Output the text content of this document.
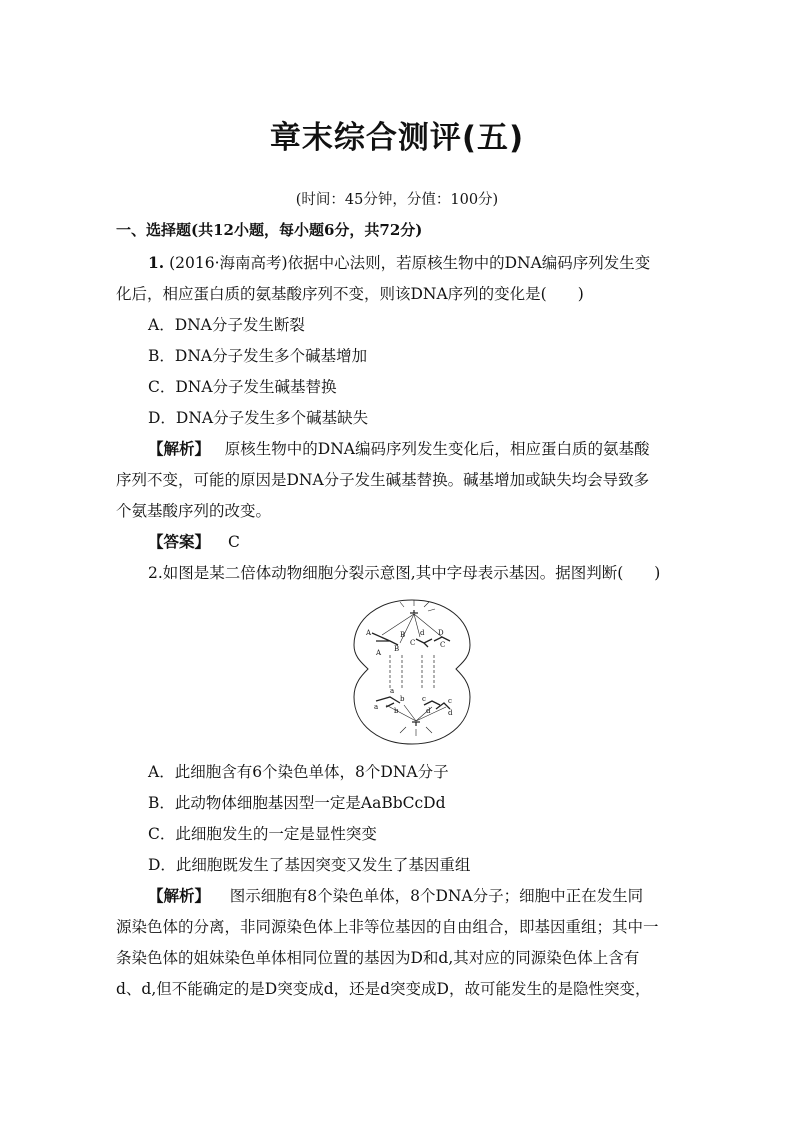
章末综合测评(五)
(时间：45分钟，分值：100分)
一、选择题(共12小题，每小题6分，共72分)
1. (2016·海南高考)依据中心法则，若原核生物中的DNA编码序列发生变
化后，相应蛋白质的氨基酸序列不变，则该DNA序列的变化是(　　)
A．DNA分子发生断裂
B．DNA分子发生多个碱基增加
C．DNA分子发生碱基替换
D．DNA分子发生多个碱基缺失
【解析】 原核生物中的DNA编码序列发生变化后，相应蛋白质的氨基酸
序列不变，可能的原因是DNA分子发生碱基替换。碱基增加或缺失均会导致多
个氨基酸序列的改变。
【答案】 C
2.如图是某二倍体动物细胞分裂示意图,其中字母表示基因。据图判断(　　)
A
A
B
B
C
d D
C
a
a
b
b
c
d
c
d
A．此细胞含有6个染色单体，8个DNA分子
B．此动物体细胞基因型一定是AaBbCcDd
C．此细胞发生的一定是显性突变
D．此细胞既发生了基因突变又发生了基因重组
【解析】 图示细胞有8个染色单体，8个DNA分子；细胞中正在发生同
源染色体的分离，非同源染色体上非等位基因的自由组合，即基因重组；其中一
条染色体的姐妹染色单体相同位置的基因为D和d,其对应的同源染色体上含有
d、d,但不能确定的是D突变成d，还是d突变成D，故可能发生的是隐性突变，
